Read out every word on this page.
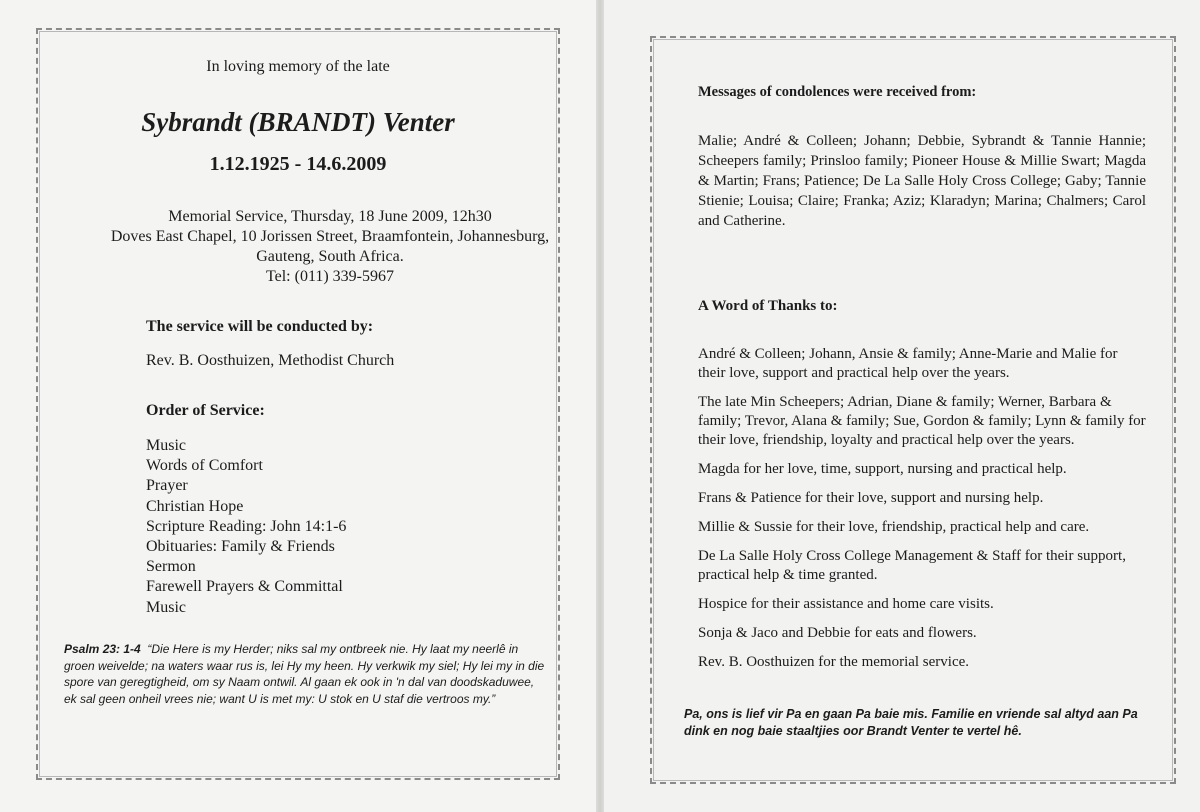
In loving memory of the late
Sybrandt (BRANDT) Venter
1.12.1925 - 14.6.2009
Memorial Service, Thursday, 18 June 2009, 12h30
Doves East Chapel, 10 Jorissen Street, Braamfontein, Johannesburg,
Gauteng, South Africa.
Tel: (011) 339-5967
The service will be conducted by:
Rev. B. Oosthuizen, Methodist Church
Order of Service:
Music
Words of Comfort
Prayer
Christian Hope
Scripture Reading: John 14:1-6
Obituaries: Family & Friends
Sermon
Farewell Prayers & Committal
Music
Psalm 23: 1-4 “Die Here is my Herder; niks sal my ontbreek nie. Hy laat my neerlê in groen weivelde; na waters waar rus is, lei Hy my heen. Hy verkwik my siel; Hy lei my in die spore van geregtigheid, om sy Naam ontwil. Al gaan ek ook in 'n dal van doodskaduwee, ek sal geen onheil vrees nie; want U is met my: U stok en U staf die vertroos my.”
Messages of condolences were received from:
Malie; André & Colleen; Johann; Debbie, Sybrandt & Tannie Hannie; Scheepers family; Prinsloo family; Pioneer House & Millie Swart; Magda & Martin; Frans; Patience; De La Salle Holy Cross College; Gaby; Tannie Stienie; Louisa; Claire; Franka; Aziz; Klaradyn; Marina; Chalmers; Carol and Catherine.
A Word of Thanks to:
André & Colleen; Johann, Ansie & family; Anne-Marie and Malie for their love, support and practical help over the years.
The late Min Scheepers; Adrian, Diane & family; Werner, Barbara & family; Trevor, Alana & family; Sue, Gordon & family; Lynn & family for their love, friendship, loyalty and practical help over the years.
Magda for her love, time, support, nursing and practical help.
Frans & Patience for their love, support and nursing help.
Millie & Sussie for their love, friendship, practical help and care.
De La Salle Holy Cross College Management & Staff for their support, practical help & time granted.
Hospice for their assistance and home care visits.
Sonja & Jaco and Debbie for eats and flowers.
Rev. B. Oosthuizen for the memorial service.
Pa, ons is lief vir Pa en gaan Pa baie mis. Familie en vriende sal altyd aan Pa dink en nog baie staaltjies oor Brandt Venter te vertel hê.
